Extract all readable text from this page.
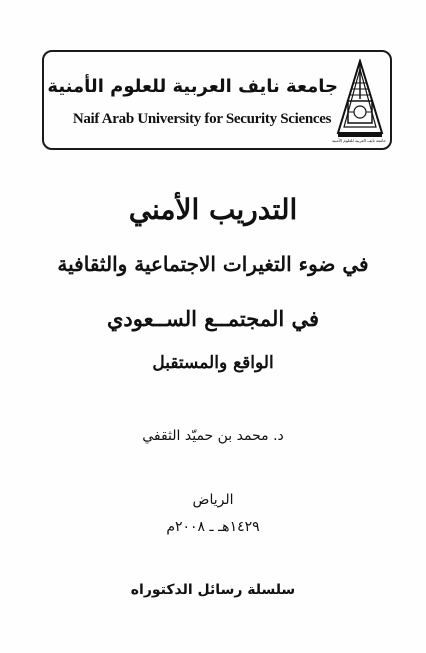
جامعة نايف العربية للعلوم الأمنية
Naif Arab University for Security Sciences
جامعة نايف العربية للعلوم الأمنية
التدريب الأمني
في ضوء التغيرات الاجتماعية والثقافية
في المجتمــع الســعودي
الواقع والمستقبل
د. محمد بن حميّد الثقفي
الرياض
١٤٢٩هـ ـ ٢٠٠٨م
سلسلة رسائل الدكتوراه
